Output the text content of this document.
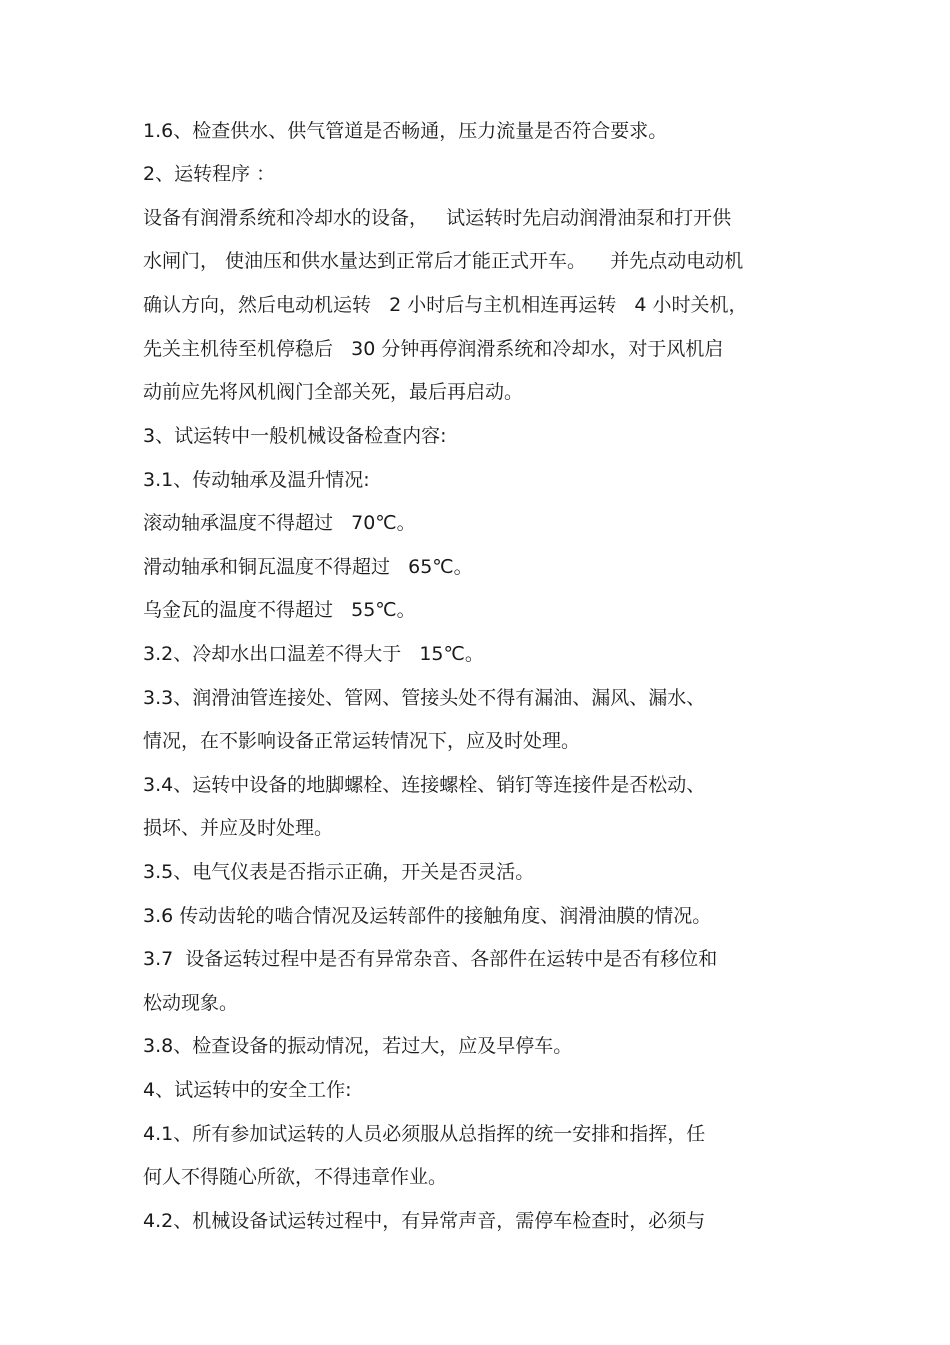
1.6、检查供水、供气管道是否畅通，压力流量是否符合要求。

2、运转程序 ：

设备有润滑系统和冷却水的设备，   试运转时先启动润滑油泵和打开供

水闸门， 使油压和供水量达到正常后才能正式开车。    并先点动电动机

确认方向，然后电动机运转   2 小时后与主机相连再运转   4 小时关机，

先关主机待至机停稳后   30 分钟再停润滑系统和冷却水，对于风机启

动前应先将风机阀门全部关死，最后再启动。

3、试运转中一般机械设备检查内容:

3.1、传动轴承及温升情况:

滚动轴承温度不得超过   70℃。

滑动轴承和铜瓦温度不得超过   65℃。

乌金瓦的温度不得超过   55℃。

3.2、冷却水出口温差不得大于   15℃。

3.3、润滑油管连接处、管网、管接头处不得有漏油、漏风、漏水、

情况，在不影响设备正常运转情况下，应及时处理。

3.4、运转中设备的地脚螺栓、连接螺栓、销钉等连接件是否松动、

损坏、并应及时处理。

3.5、电气仪表是否指示正确，开关是否灵活。

3.6 传动齿轮的啮合情况及运转部件的接触角度、润滑油膜的情况。

3.7  设备运转过程中是否有异常杂音、各部件在运转中是否有移位和

松动现象。

3.8、检查设备的振动情况，若过大，应及早停车。

4、试运转中的安全工作:

4.1、所有参加试运转的人员必须服从总指挥的统一安排和指挥，任

何人不得随心所欲，不得违章作业。

4.2、机械设备试运转过程中，有异常声音，需停车检查时，必须与
